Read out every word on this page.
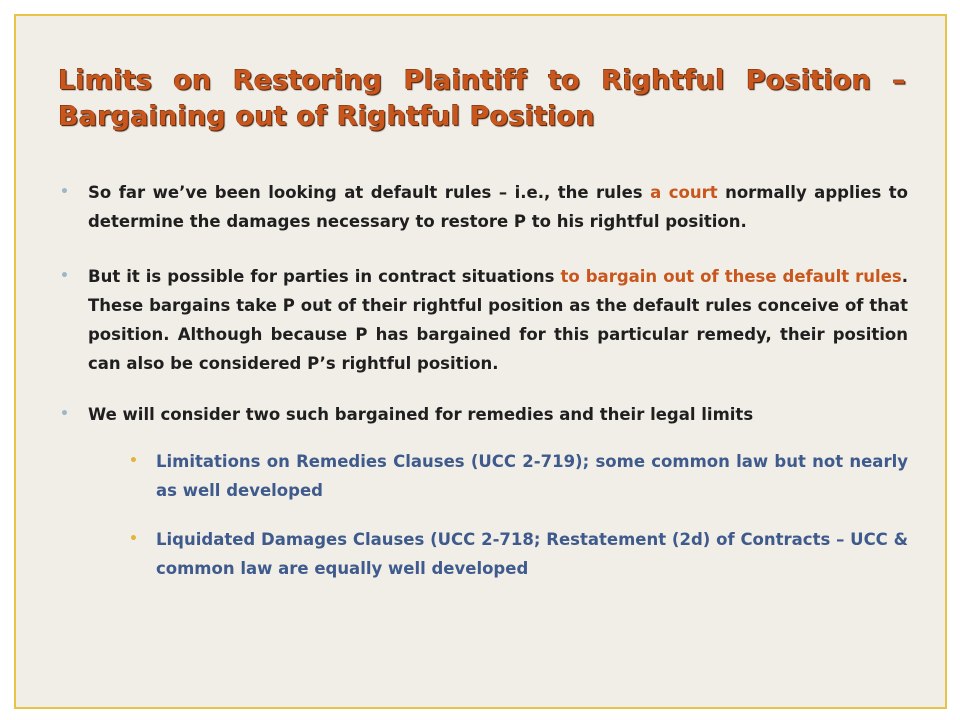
Limits on Restoring Plaintiff to Rightful Position –
Bargaining out of Rightful Position
• So far we’ve been looking at default rules – i.e., the rules a court normally applies to determine the damages necessary to restore P to his rightful position.
• But it is possible for parties in contract situations to bargain out of these default rules. These bargains take P out of their rightful position as the default rules conceive of that position. Although because P has bargained for this particular remedy, their position can also be considered P’s rightful position.
• We will consider two such bargained for remedies and their legal limits
• Limitations on Remedies Clauses (UCC 2-719); some common law but not nearly as well developed
• Liquidated Damages Clauses (UCC 2-718; Restatement (2d) of Contracts – UCC & common law are equally well developed
